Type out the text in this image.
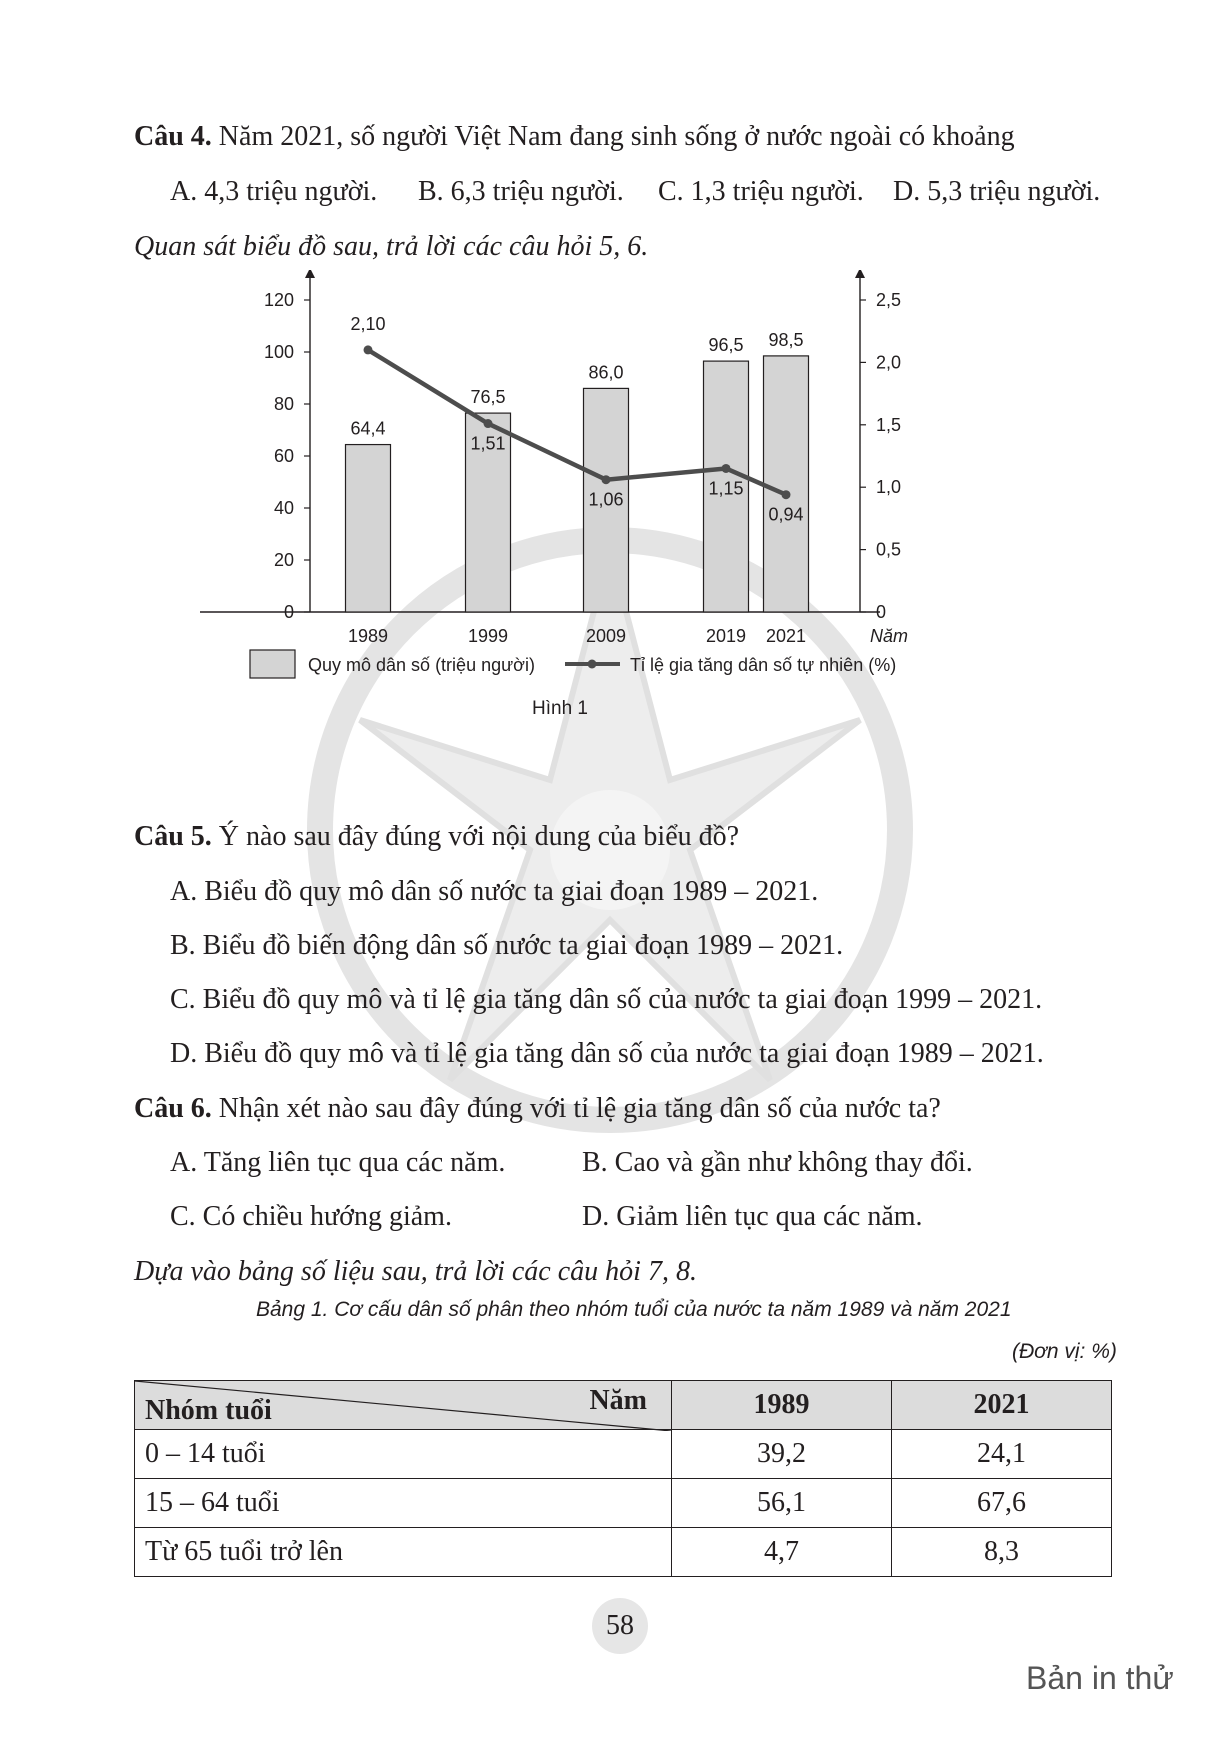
Câu 4. Năm 2021, số người Việt Nam đang sinh sống ở nước ngoài có khoảng
A. 4,3 triệu người. B. 6,3 triệu người. C. 1,3 triệu người. D. 5,3 triệu người.
Quan sát biểu đồ sau, trả lời các câu hỏi 5, 6.
Năm
0
20
40
60
80
100
120
0
0,5
1,0
1,5
2,0
2,5
64,4
1989
76,5
1999
86,0
2009
96,5
2019
98,5
2021
2,10
1,51
1,06
1,15
0,94
Quy mô dân số (triệu người)	Tỉ lệ gia tăng dân số tự nhiên (%)
Hình 1
Câu 5. Ý nào sau đây đúng với nội dung của biểu đồ?
A. Biểu đồ quy mô dân số nước ta giai đoạn 1989 – 2021.
B. Biểu đồ biến động dân số nước ta giai đoạn 1989 – 2021.
C. Biểu đồ quy mô và tỉ lệ gia tăng dân số của nước ta giai đoạn 1999 – 2021.
D. Biểu đồ quy mô và tỉ lệ gia tăng dân số của nước ta giai đoạn 1989 – 2021.
Câu 6. Nhận xét nào sau đây đúng với tỉ lệ gia tăng dân số của nước ta?
A. Tăng liên tục qua các năm.	B. Cao và gần như không thay đổi.
C. Có chiều hướng giảm.	D. Giảm liên tục qua các năm.
Dựa vào bảng số liệu sau, trả lời các câu hỏi 7, 8.
Bảng 1. Cơ cấu dân số phân theo nhóm tuổi của nước ta năm 1989 và năm 2021
(Đơn vị: %)
Năm
Nhóm tuổi	1989	2021
0 – 14 tuổi	39,2	24,1
15 – 64 tuổi	56,1	67,6
Từ 65 tuổi trở lên	4,7	8,3
58
Bản in thử
